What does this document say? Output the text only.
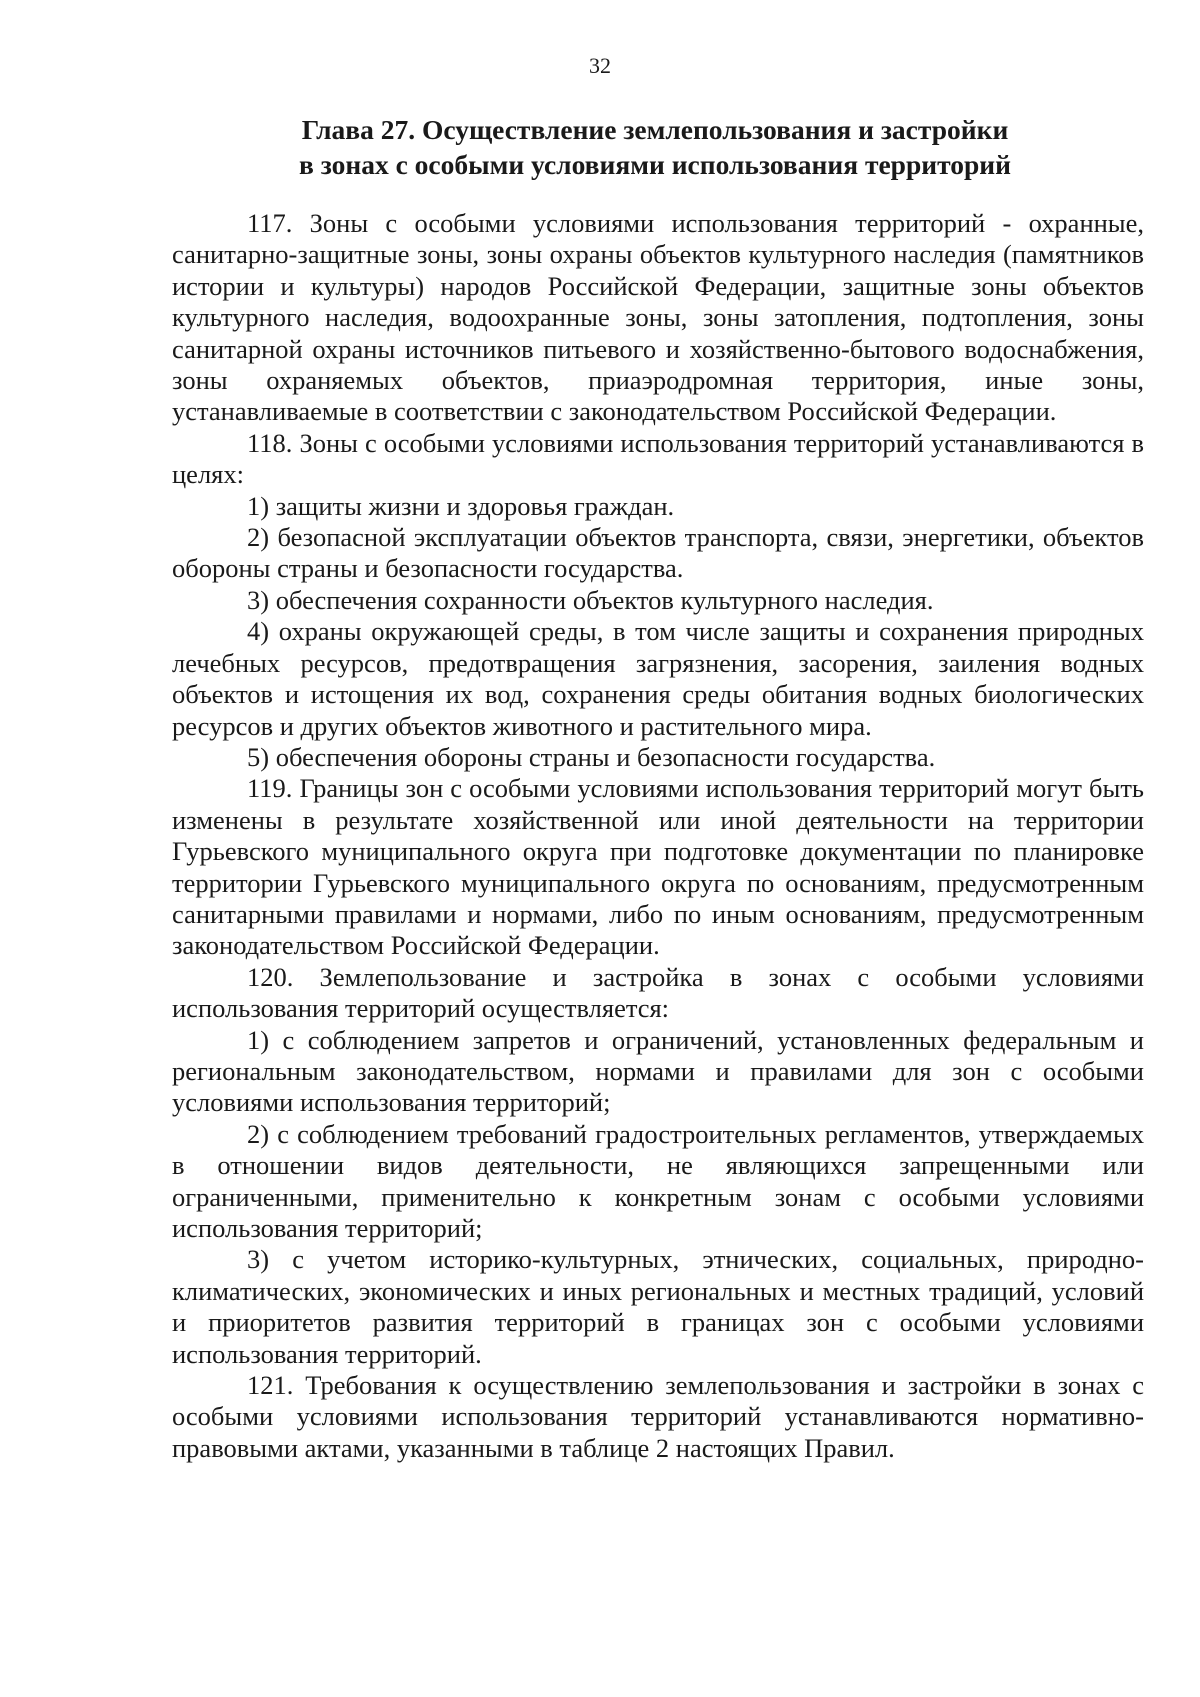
32
Глава 27. Осуществление землепользования и застройки
в зонах с особыми условиями использования территорий

117. Зоны с особыми условиями использования территорий - охранные, санитарно-защитные зоны, зоны охраны объектов культурного наследия (памятников истории и культуры) народов Российской Федерации, защитные зоны объектов культурного наследия, водоохранные зоны, зоны затопления, подтопления, зоны санитарной охраны источников питьевого и хозяйственно-бытового водоснабжения, зоны охраняемых объектов, приаэродромная территория, иные зоны, устанавливаемые в соответствии с законодательством Российской Федерации.

118. Зоны с особыми условиями использования территорий устанавливаются в целях:

1) защиты жизни и здоровья граждан.

2) безопасной эксплуатации объектов транспорта, связи, энергетики, объектов обороны страны и безопасности государства.

3) обеспечения сохранности объектов культурного наследия.

4) охраны окружающей среды, в том числе защиты и сохранения природных лечебных ресурсов, предотвращения загрязнения, засорения, заиления водных объектов и истощения их вод, сохранения среды обитания водных биологических ресурсов и других объектов животного и растительного мира.

5) обеспечения обороны страны и безопасности государства.

119. Границы зон с особыми условиями использования территорий могут быть изменены в результате хозяйственной или иной деятельности на территории Гурьевского муниципального округа при подготовке документации по планировке территории Гурьевского муниципального округа по основаниям, предусмотренным санитарными правилами и нормами, либо по иным основаниям, предусмотренным законодательством Российской Федерации.

120. Землепользование и застройка в зонах с особыми условиями использования территорий осуществляется:

1) с соблюдением запретов и ограничений, установленных федеральным и региональным законодательством, нормами и правилами для зон с особыми условиями использования территорий;

2) с соблюдением требований градостроительных регламентов, утверждаемых в отношении видов деятельности, не являющихся запрещенными или ограниченными, применительно к конкретным зонам с особыми условиями использования территорий;

3) с учетом историко-культурных, этнических, социальных, природно-климатических, экономических и иных региональных и местных традиций, условий и приоритетов развития территорий в границах зон с особыми условиями использования территорий.

121. Требования к осуществлению землепользования и застройки в зонах с особыми условиями использования территорий устанавливаются нормативно-правовыми актами, указанными в таблице 2 настоящих Правил.
